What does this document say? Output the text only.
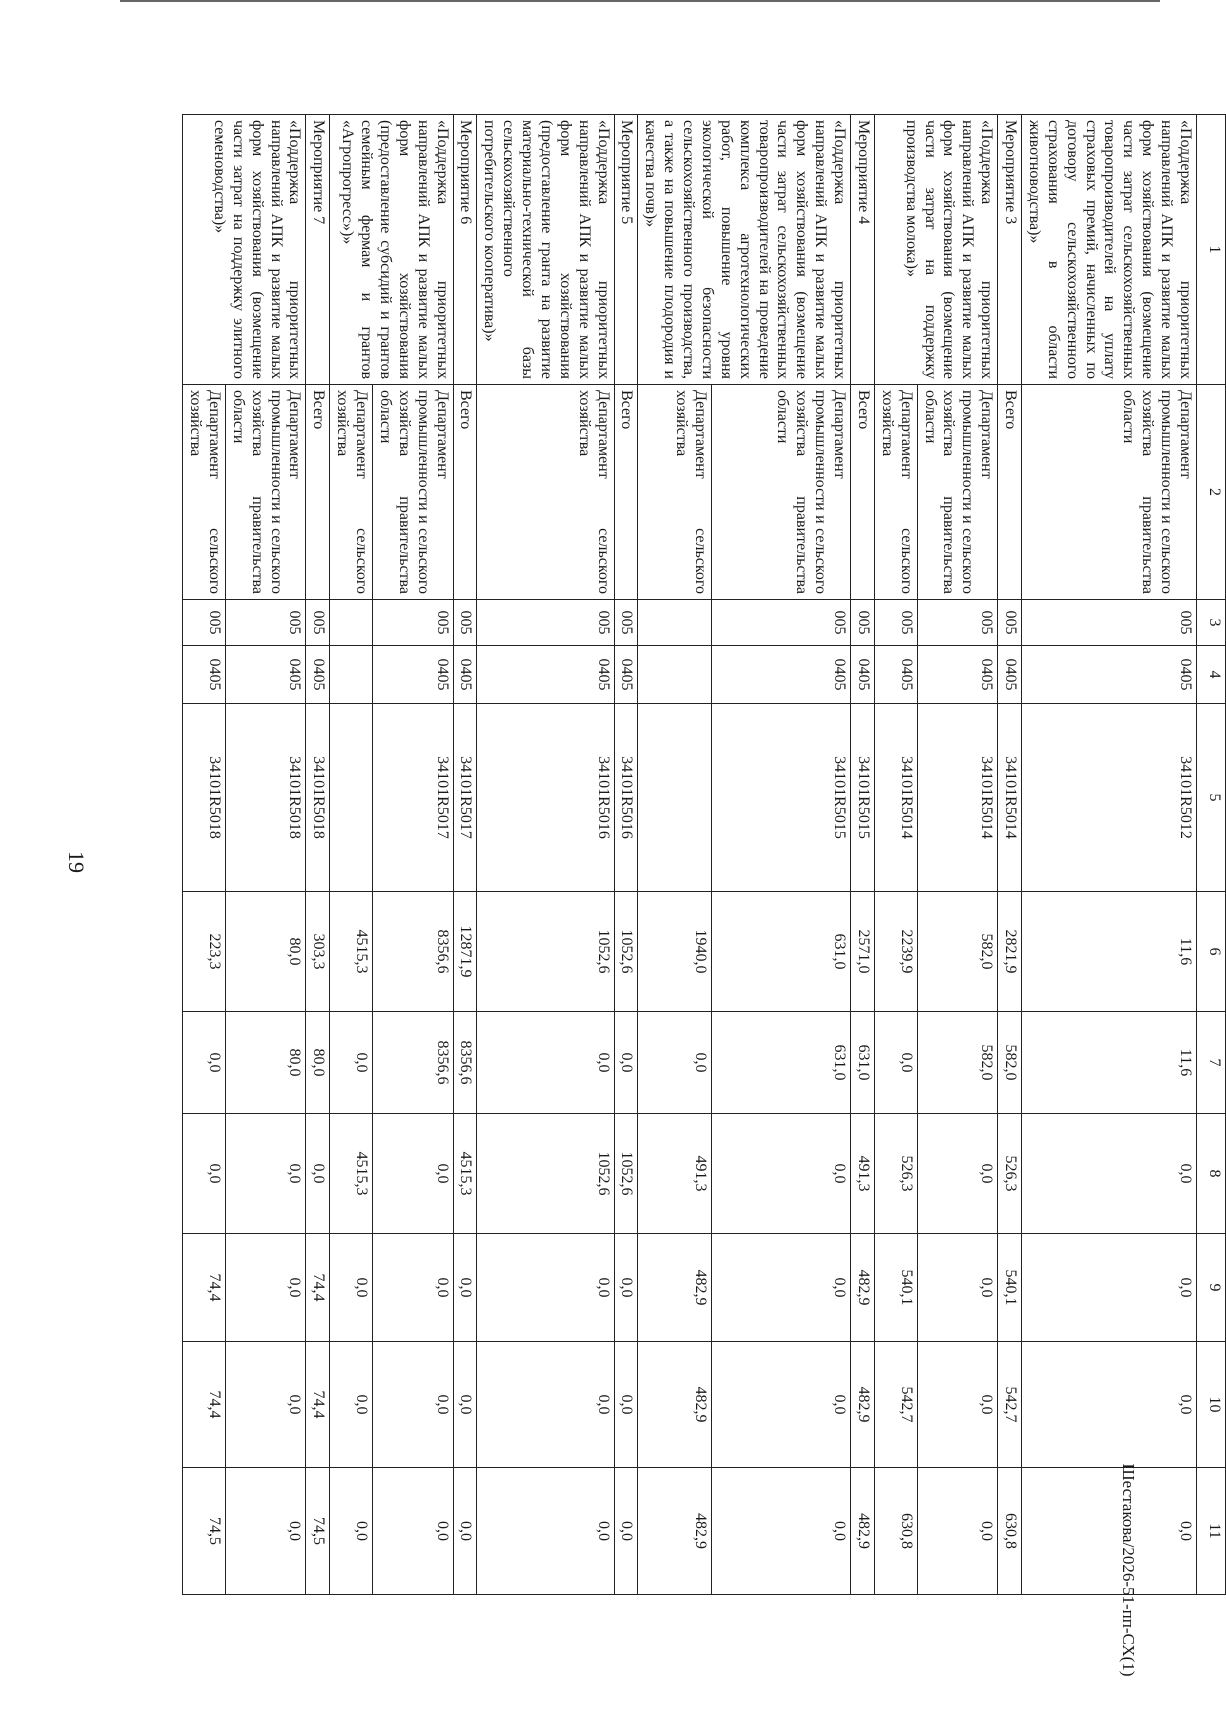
19
1	2	3	4	5	6	7	8	9	10	11
«Поддержка приоритетных направлений АПК и развитие малых форм хозяйствования (возмещение части затрат сельскохозяйственных товаропроизводителей на уплату страховых премий, начисленных по договору сельскохозяйственного страхования в области животноводства)»	Департамент промышленности и сельского хозяйства правительства области	005	0405	34101R5012	11,6	11,6	0,0	0,0	0,0	0,0
Мероприятие 3	Всего	005	0405	34101R5014	2821,9	582,0	526,3	540,1	542,7	630,8
«Поддержка приоритетных направлений АПК и развитие малых форм хозяйствования (возмещение части затрат на поддержку производства молока)»	Департамент промышленности и сельского хозяйства правительства области	005	0405	34101R5014	582,0	582,0	0,0	0,0	0,0	0,0
	Департамент сельского хозяйства	005	0405	34101R5014	2239,9	0,0	526,3	540,1	542,7	630,8
Мероприятие 4	Всего	005	0405	34101R5015	2571,0	631,0	491,3	482,9	482,9	482,9
«Поддержка приоритетных направлений АПК и развитие малых форм хозяйствования (возмещение части затрат сельскохозяйственных товаропроизводителей на проведение комплекса агротехнологических работ, повышение уровня экологической безопасности сельскохозяйственного производства, а также на повышение плодородия и качества почв)»	Департамент промышленности и сельского хозяйства правительства области	005	0405	34101R5015	631,0	631,0	0,0	0,0	0,0	0,0
	Департамент сельского хозяйства				1940,0	0,0	491,3	482,9	482,9	482,9
Мероприятие 5	Всего	005	0405	34101R5016	1052,6	0,0	1052,6	0,0	0,0	0,0
«Поддержка приоритетных направлений АПК и развитие малых форм хозяйствования (предоставление гранта на развитие материально-технической базы сельскохозяйственного потребительского кооператива)»	Департамент сельского хозяйства	005	0405	34101R5016	1052,6	0,0	1052,6	0,0	0,0	0,0
Мероприятие 6	Всего	005	0405	34101R5017	12871,9	8356,6	4515,3	0,0	0,0	0,0
«Поддержка приоритетных направлений АПК и развитие малых форм хозяйствования (предоставление субсидий и грантов семейным фермам и грантов «Агропрогресс»)»	Департамент промышленности и сельского хозяйства правительства области	005	0405	34101R5017	8356,6	8356,6	0,0	0,0	0,0	0,0
	Департамент сельского хозяйства				4515,3	0,0	4515,3	0,0	0,0	0,0
Мероприятие 7	Всего	005	0405	34101R5018	303,3	80,0	0,0	74,4	74,4	74,5
«Поддержка приоритетных направлений АПК и развитие малых форм хозяйствования (возмещение части затрат на поддержку элитного семеноводства)»	Департамент промышленности и сельского хозяйства правительства области	005	0405	34101R5018	80,0	80,0	0,0	0,0	0,0	0,0
	Департамент сельского хозяйства	005	0405	34101R5018	223,3	0,0	0,0	74,4	74,4	74,5	Шестакова/2026-51-пп-СХ(1)
